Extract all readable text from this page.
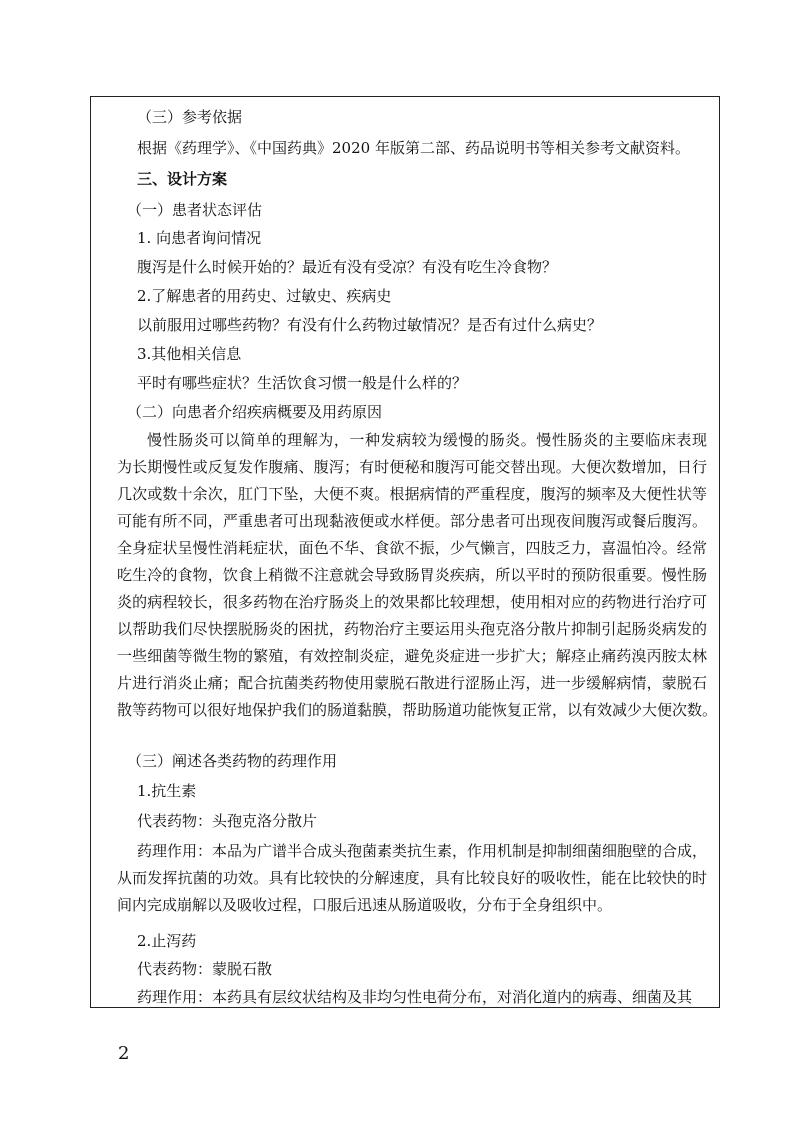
（三）参考依据

根据《药理学》、《中国药典》2020 年版第二部、药品说明书等相关参考文献资料。

三、设计方案

（一）患者状态评估

1. 向患者询问情况

腹泻是什么时候开始的？最近有没有受凉？有没有吃生冷食物？

2.了解患者的用药史、过敏史、疾病史

以前服用过哪些药物？有没有什么药物过敏情况？是否有过什么病史？

3.其他相关信息

平时有哪些症状？生活饮食习惯一般是什么样的？

（二）向患者介绍疾病概要及用药原因

慢性肠炎可以简单的理解为，一种发病较为缓慢的肠炎。慢性肠炎的主要临床表现
为长期慢性或反复发作腹痛、腹泻；有时便秘和腹泻可能交替出现。大便次数增加，日行
几次或数十余次，肛门下坠，大便不爽。根据病情的严重程度，腹泻的频率及大便性状等
可能有所不同，严重患者可出现黏液便或水样便。部分患者可出现夜间腹泻或餐后腹泻。
全身症状呈慢性消耗症状，面色不华、食欲不振，少气懒言，四肢乏力，喜温怕冷。经常
吃生冷的食物，饮食上稍微不注意就会导致肠胃炎疾病，所以平时的预防很重要。慢性肠
炎的病程较长，很多药物在治疗肠炎上的效果都比较理想，使用相对应的药物进行治疗可
以帮助我们尽快摆脱肠炎的困扰，药物治疗主要运用头孢克洛分散片抑制引起肠炎病发的
一些细菌等微生物的繁殖，有效控制炎症，避免炎症进一步扩大；解痉止痛药溴丙胺太林
片进行消炎止痛；配合抗菌类药物使用蒙脱石散进行涩肠止泻，进一步缓解病情，蒙脱石
散等药物可以很好地保护我们的肠道黏膜，帮助肠道功能恢复正常，以有效减少大便次数。

（三）阐述各类药物的药理作用

1.抗生素

代表药物：头孢克洛分散片

药理作用：本品为广谱半合成头孢菌素类抗生素，作用机制是抑制细菌细胞壁的合成，
从而发挥抗菌的功效。具有比较快的分解速度，具有比较良好的吸收性，能在比较快的时
间内完成崩解以及吸收过程，口服后迅速从肠道吸收，分布于全身组织中。

2.止泻药

代表药物：蒙脱石散

药理作用：本药具有层纹状结构及非均匀性电荷分布，对消化道内的病毒、细菌及其

2
